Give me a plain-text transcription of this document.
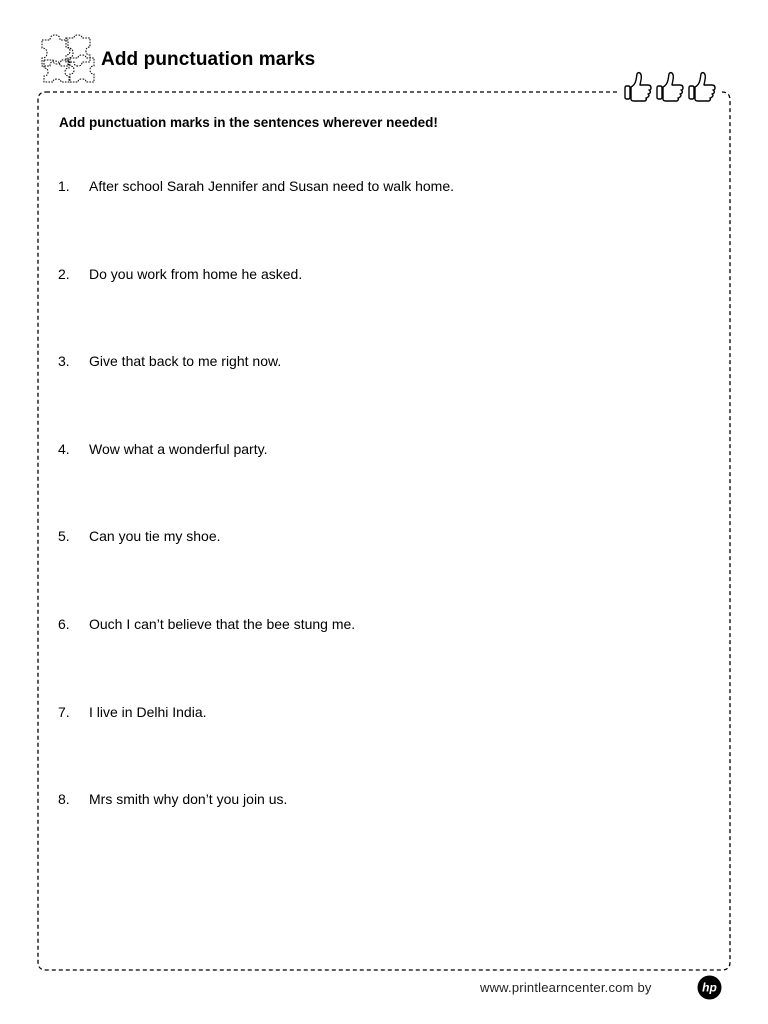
Add punctuation marks
Add punctuation marks in the sentences wherever needed!
1.	After school Sarah Jennifer and Susan need to walk home.
2.	Do you work from home he asked.
3.	Give that back to me right now.
4.	Wow what a wonderful party.
5.	Can you tie my shoe.
6.	Ouch I can’t believe that the bee stung me.
7.	I live in Delhi India.
8.	Mrs smith why don’t you join us.
www.printlearncenter.com by	hp
